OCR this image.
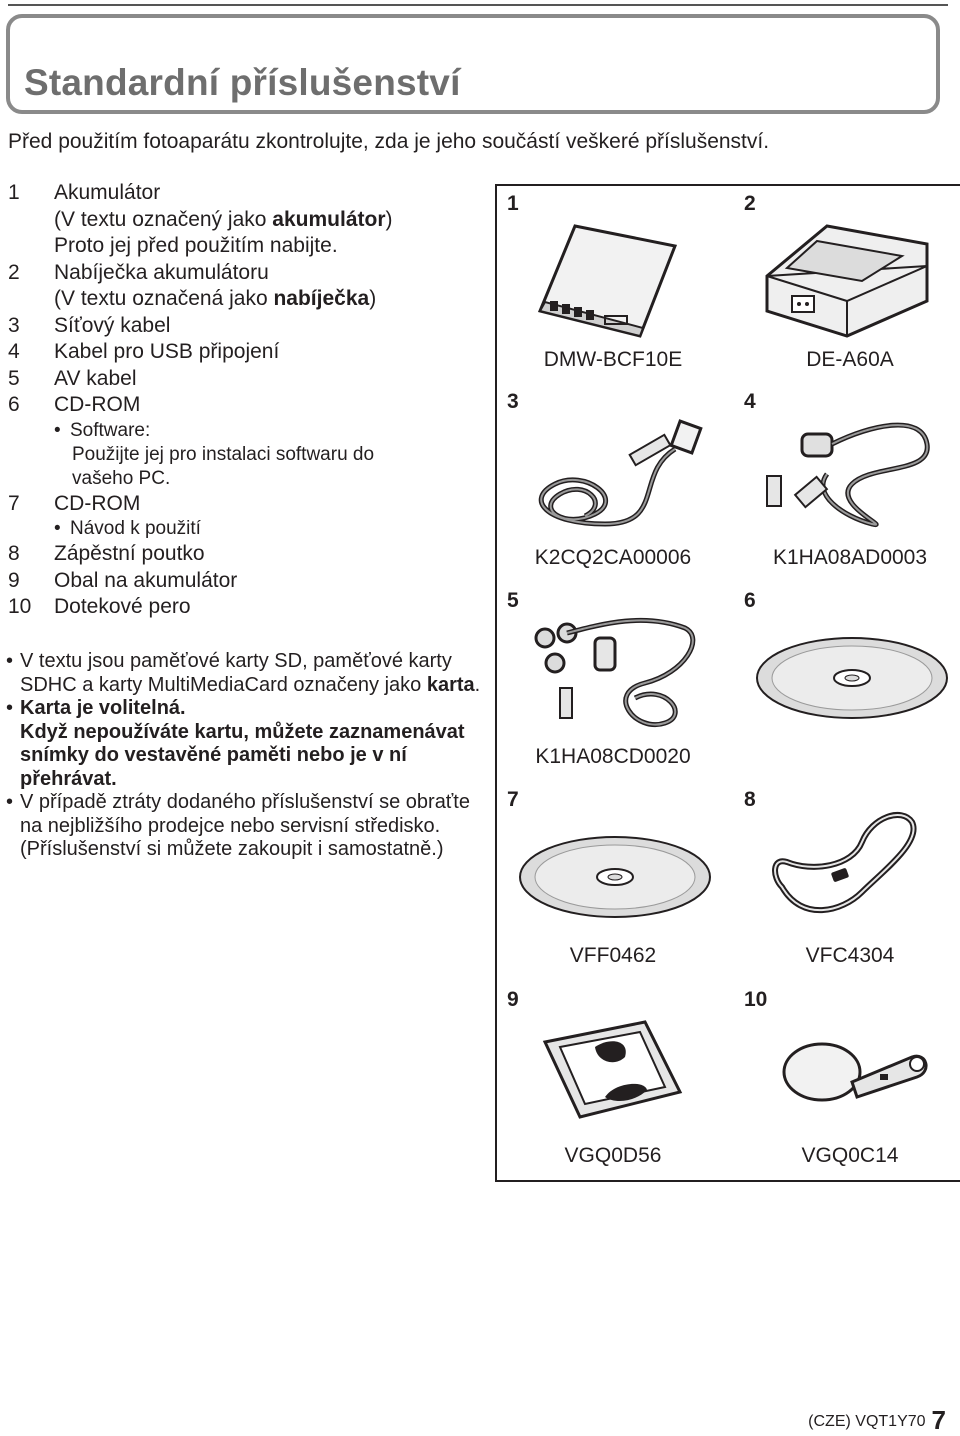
Standardní příslušenství
Před použitím fotoaparátu zkontrolujte, zda je jeho součástí veškeré příslušenství.
1 Akumulátor
(V textu označený jako akumulátor)
Proto jej před použitím nabijte.
2 Nabíječka akumulátoru
(V textu označená jako nabíječka)
3 Síťový kabel
4 Kabel pro USB připojení
5 AV kabel
6 CD-ROM
• Software:
Použijte jej pro instalaci softwaru do
vašeho PC.
7 CD-ROM
• Návod k použití
8 Zápěstní poutko
9 Obal na akumulátor
10 Dotekové pero
• V textu jsou paměťové karty SD, paměťové karty SDHC a karty MultiMediaCard označeny jako karta.
• Karta je volitelná.
Když nepoužíváte kartu, můžete zaznamenávat snímky do vestavěné paměti nebo je v ní přehrávat.
• V případě ztráty dodaného příslušenství se obraťte na nejbližšího prodejce nebo servisní středisko. (Příslušenství si můžete zakoupit i samostatně.)
1
DMW-BCF10E
2
DE-A60A
3
K2CQ2CA00006
4
K1HA08AD0003
5
K1HA08CD0020
6
7
VFF0462
8
VFC4304
9
VGQ0D56
10
VGQ0C14
(CZE) VQT1Y70 7
